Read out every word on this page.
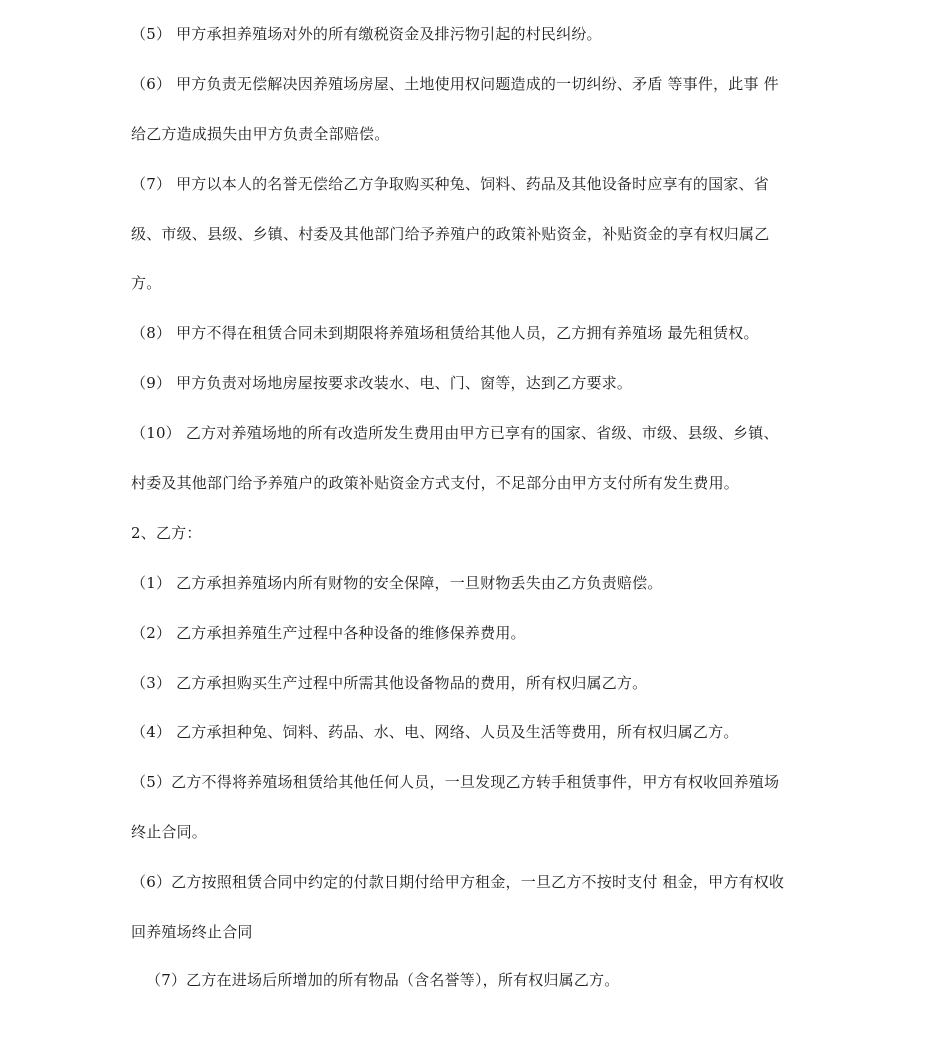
（5） 甲方承担养殖场对外的所有缴税资金及排污物引起的村民纠纷。
（6） 甲方负责无偿解决因养殖场房屋、土地使用权问题造成的一切纠纷、矛盾 等事件，此事 件
给乙方造成损失由甲方负责全部赔偿。
（7） 甲方以本人的名誉无偿给乙方争取购买种兔、饲料、药品及其他设备时应享有的国家、省
级、市级、县级、乡镇、村委及其他部门给予养殖户的政策补贴资金，补贴资金的享有权归属乙
方。
（8） 甲方不得在租赁合同未到期限将养殖场租赁给其他人员，乙方拥有养殖场 最先租赁权。
（9） 甲方负责对场地房屋按要求改装水、电、门、窗等，达到乙方要求。
（10） 乙方对养殖场地的所有改造所发生费用由甲方已享有的国家、省级、市级、县级、乡镇、
村委及其他部门给予养殖户的政策补贴资金方式支付，不足部分由甲方支付所有发生费用。
2、乙方：
（1） 乙方承担养殖场内所有财物的安全保障，一旦财物丢失由乙方负责赔偿。
（2） 乙方承担养殖生产过程中各种设备的维修保养费用。
（3） 乙方承担购买生产过程中所需其他设备物品的费用，所有权归属乙方。
（4） 乙方承担种兔、饲料、药品、水、电、网络、人员及生活等费用，所有权归属乙方。
（5）乙方不得将养殖场租赁给其他任何人员，一旦发现乙方转手租赁事件，甲方有权收回养殖场
终止合同。
（6）乙方按照租赁合同中约定的付款日期付给甲方租金，一旦乙方不按时支付 租金，甲方有权收
回养殖场终止合同
（7）乙方在进场后所增加的所有物品（含名誉等），所有权归属乙方。
